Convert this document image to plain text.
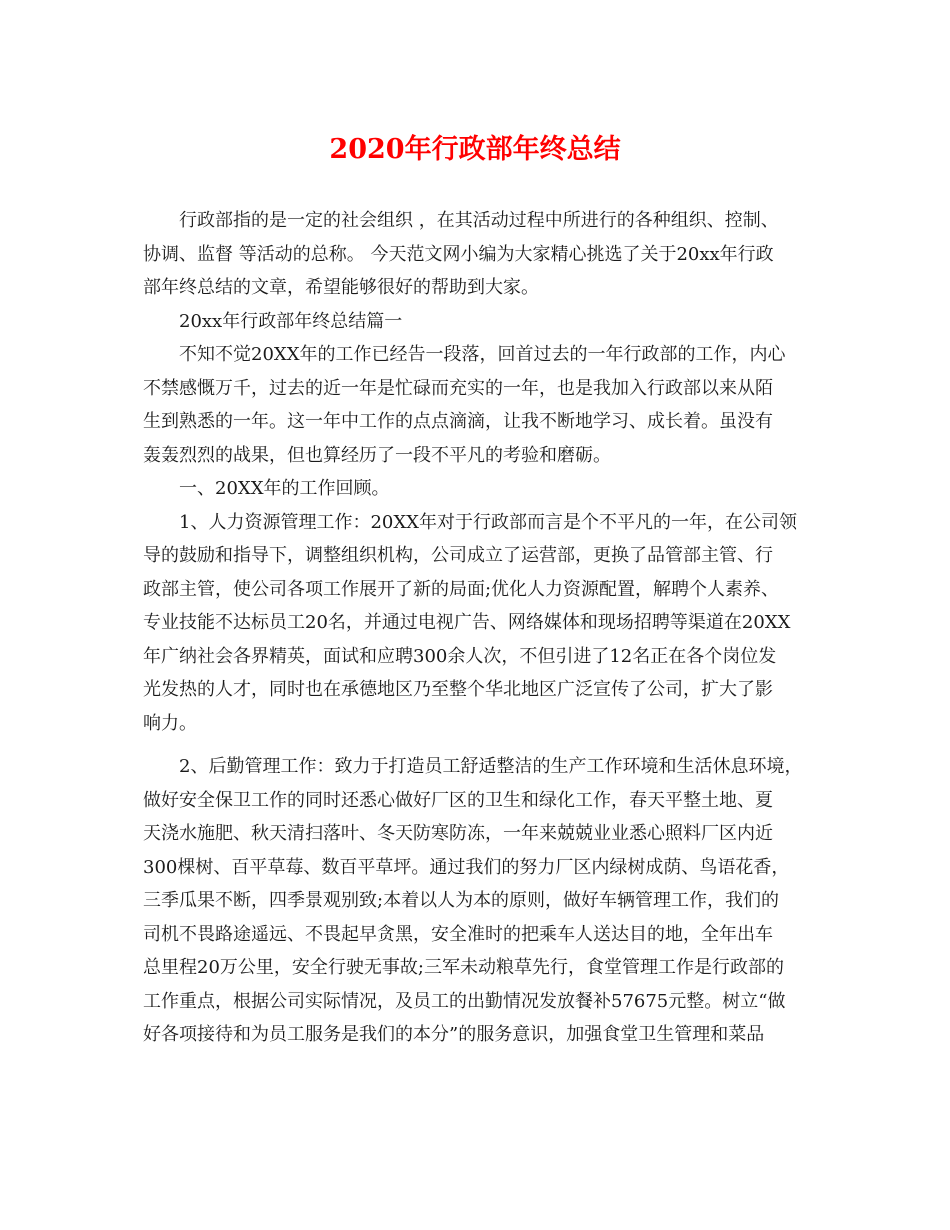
2020年行政部年终总结

行政部指的是一定的社会组织 ，在其活动过程中所进行的各种组织、控制、
协调、监督 等活动的总称。 今天范文网小编为大家精心挑选了关于20xx年行政
部年终总结的文章，希望能够很好的帮助到大家。

20xx年行政部年终总结篇一

不知不觉20XX年的工作已经告一段落，回首过去的一年行政部的工作，内心
不禁感慨万千，过去的近一年是忙碌而充实的一年，也是我加入行政部以来从陌
生到熟悉的一年。这一年中工作的点点滴滴，让我不断地学习、成长着。虽没有
轰轰烈烈的战果，但也算经历了一段不平凡的考验和磨砺。

一、20XX年的工作回顾。

1、人力资源管理工作：20XX年对于行政部而言是个不平凡的一年，在公司领
导的鼓励和指导下，调整组织机构，公司成立了运营部，更换了品管部主管、行
政部主管，使公司各项工作展开了新的局面;优化人力资源配置，解聘个人素养、
专业技能不达标员工20名，并通过电视广告、网络媒体和现场招聘等渠道在20XX
年广纳社会各界精英，面试和应聘300余人次，不但引进了12名正在各个岗位发
光发热的人才，同时也在承德地区乃至整个华北地区广泛宣传了公司，扩大了影
响力。

2、后勤管理工作：致力于打造员工舒适整洁的生产工作环境和生活休息环境，
做好安全保卫工作的同时还悉心做好厂区的卫生和绿化工作，春天平整土地、夏
天浇水施肥、秋天清扫落叶、冬天防寒防冻，一年来兢兢业业悉心照料厂区内近
300棵树、百平草莓、数百平草坪。通过我们的努力厂区内绿树成荫、鸟语花香，
三季瓜果不断，四季景观别致;本着以人为本的原则，做好车辆管理工作，我们的
司机不畏路途遥远、不畏起早贪黑，安全准时的把乘车人送达目的地，全年出车
总里程20万公里，安全行驶无事故;三军未动粮草先行，食堂管理工作是行政部的
工作重点，根据公司实际情况，及员工的出勤情况发放餐补57675元整。树立“做
好各项接待和为员工服务是我们的本分”的服务意识，加强食堂卫生管理和菜品
